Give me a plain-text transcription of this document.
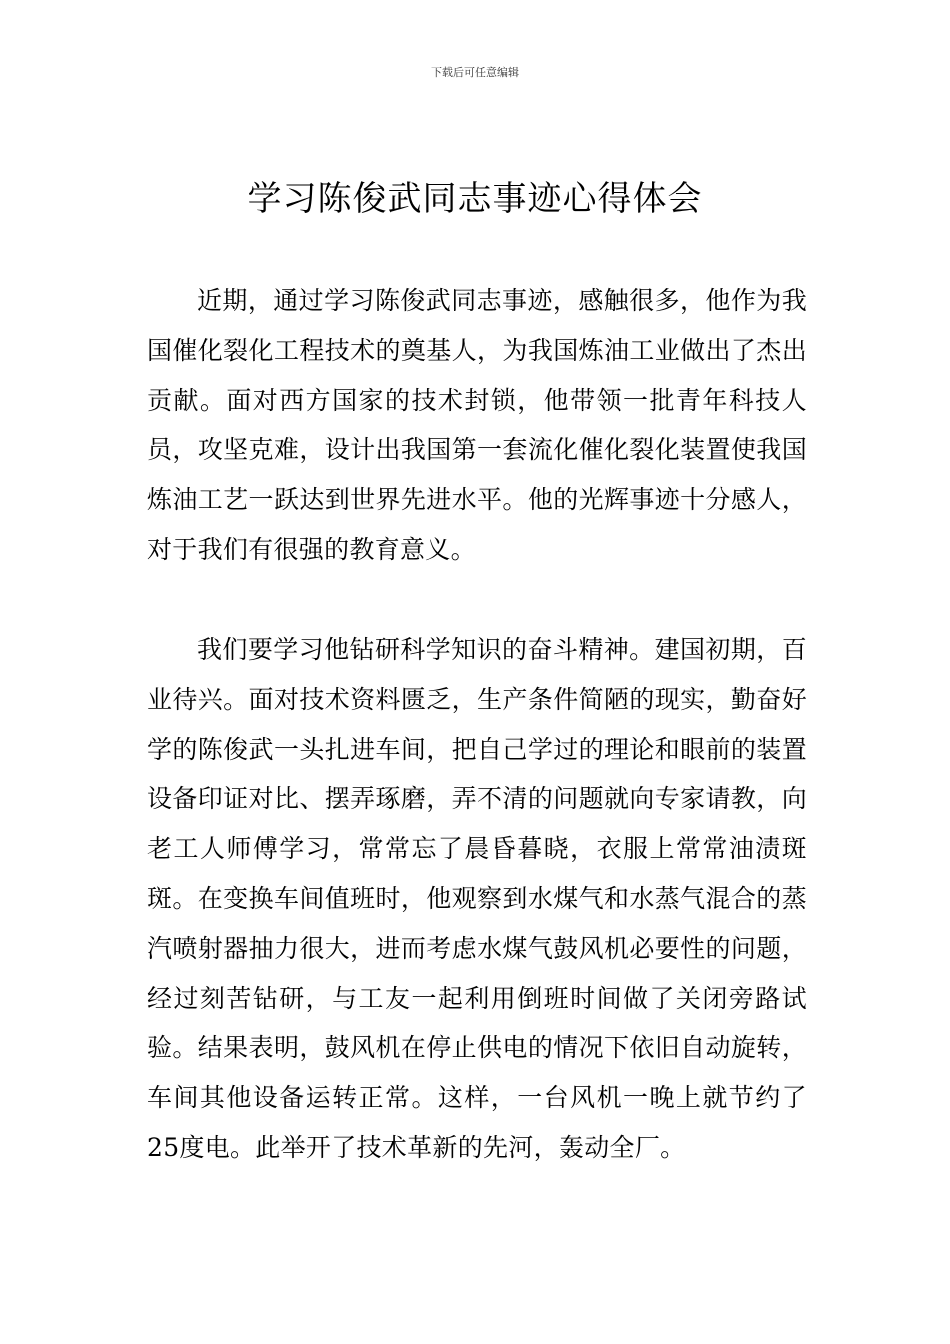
下载后可任意编辑
学习陈俊武同志事迹心得体会

近期，通过学习陈俊武同志事迹，感触很多，他作为我国催化裂化工程技术的奠基人，为我国炼油工业做出了杰出贡献。面对西方国家的技术封锁，他带领一批青年科技人员，攻坚克难，设计出我国第一套流化催化裂化装置使我国炼油工艺一跃达到世界先进水平。他的光辉事迹十分感人，对于我们有很强的教育意义。

我们要学习他钻研科学知识的奋斗精神。建国初期，百业待兴。面对技术资料匮乏，生产条件简陋的现实，勤奋好学的陈俊武一头扎进车间，把自己学过的理论和眼前的装置设备印证对比、摆弄琢磨，弄不清的问题就向专家请教，向老工人师傅学习，常常忘了晨昏暮晓，衣服上常常油渍斑斑。在变换车间值班时，他观察到水煤气和水蒸气混合的蒸汽喷射器抽力很大，进而考虑水煤气鼓风机必要性的问题，经过刻苦钻研，与工友一起利用倒班时间做了关闭旁路试验。结果表明，鼓风机在停止供电的情况下依旧自动旋转，车间其他设备运转正常。这样，一台风机一晚上就节约了25度电。此举开了技术革新的先河，轰动全厂。
